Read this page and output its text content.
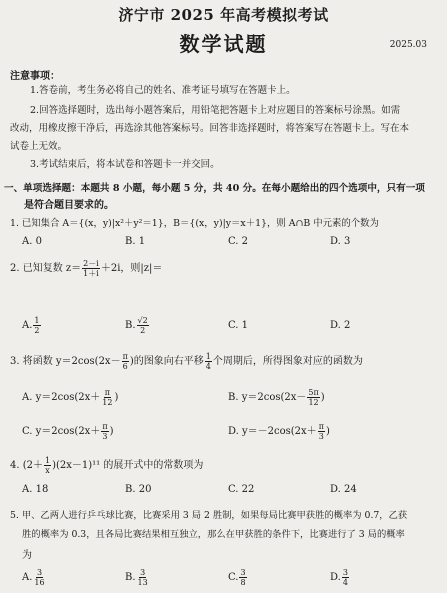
济宁市 2025 年高考模拟考试
数学试题	2025.03
注意事项：
1.答卷前，考生务必将自己的姓名、准考证号填写在答题卡上。
2.回答选择题时，选出每小题答案后，用铅笔把答题卡上对应题目的答案标号涂黑。如需
改动，用橡皮擦干净后，再选涂其他答案标号。回答非选择题时，将答案写在答题卡上。写在本
试卷上无效。
3.考试结束后，将本试卷和答题卡一并交回。
一、单项选择题：本题共 8 小题，每小题 5 分，共 40 分。在每小题给出的四个选项中，只有一项
是符合题目要求的。
1. 已知集合 A＝{(x，y)|x²＋y²＝1}，B＝{(x，y)|y＝x＋1}，则 A∩B 中元素的个数为
A. 0	B. 1	C. 2	D. 3
2. 已知复数 $z= \frac{2-i}{1+i} +2i$，则|z|＝
A. $\frac{1}{2}$	B. $\frac{√2}{2}$	C. 1	D. 2
3. 将函数 $y=2\cos(2x- \frac{\pi}{6}$ )的图象向右平移 $\frac{1}{4}$ 个周期后，所得图象对应的函数为
A. $y=2\cos(2x+ \frac{\pi}{12}$ )	B. $y=2\cos(2x- \frac{5\pi}{12}$ )
C. $y=2\cos(2x+ \frac{\pi}{3}$ )	D. $y=-2\cos(2x+ \frac{\pi}{3}$ )
4. $(2+ \frac{1}{x} )(2x-1)^{11}$ 的展开式中的常数项为
A. 18	B. 20	C. 22	D. 24
5. 甲、乙两人进行乒乓球比赛，比赛采用 3 局 2 胜制，如果每局比赛甲获胜的概率为 0.7，乙获
胜的概率为 0.3，且各局比赛结果相互独立，那么在甲获胜的条件下，比赛进行了 3 局的概率
为
A. $\frac{3}{16}$	B. $\frac{3}{13}$	C. $\frac{3}{8}$	D. $\frac{3}{4}$
